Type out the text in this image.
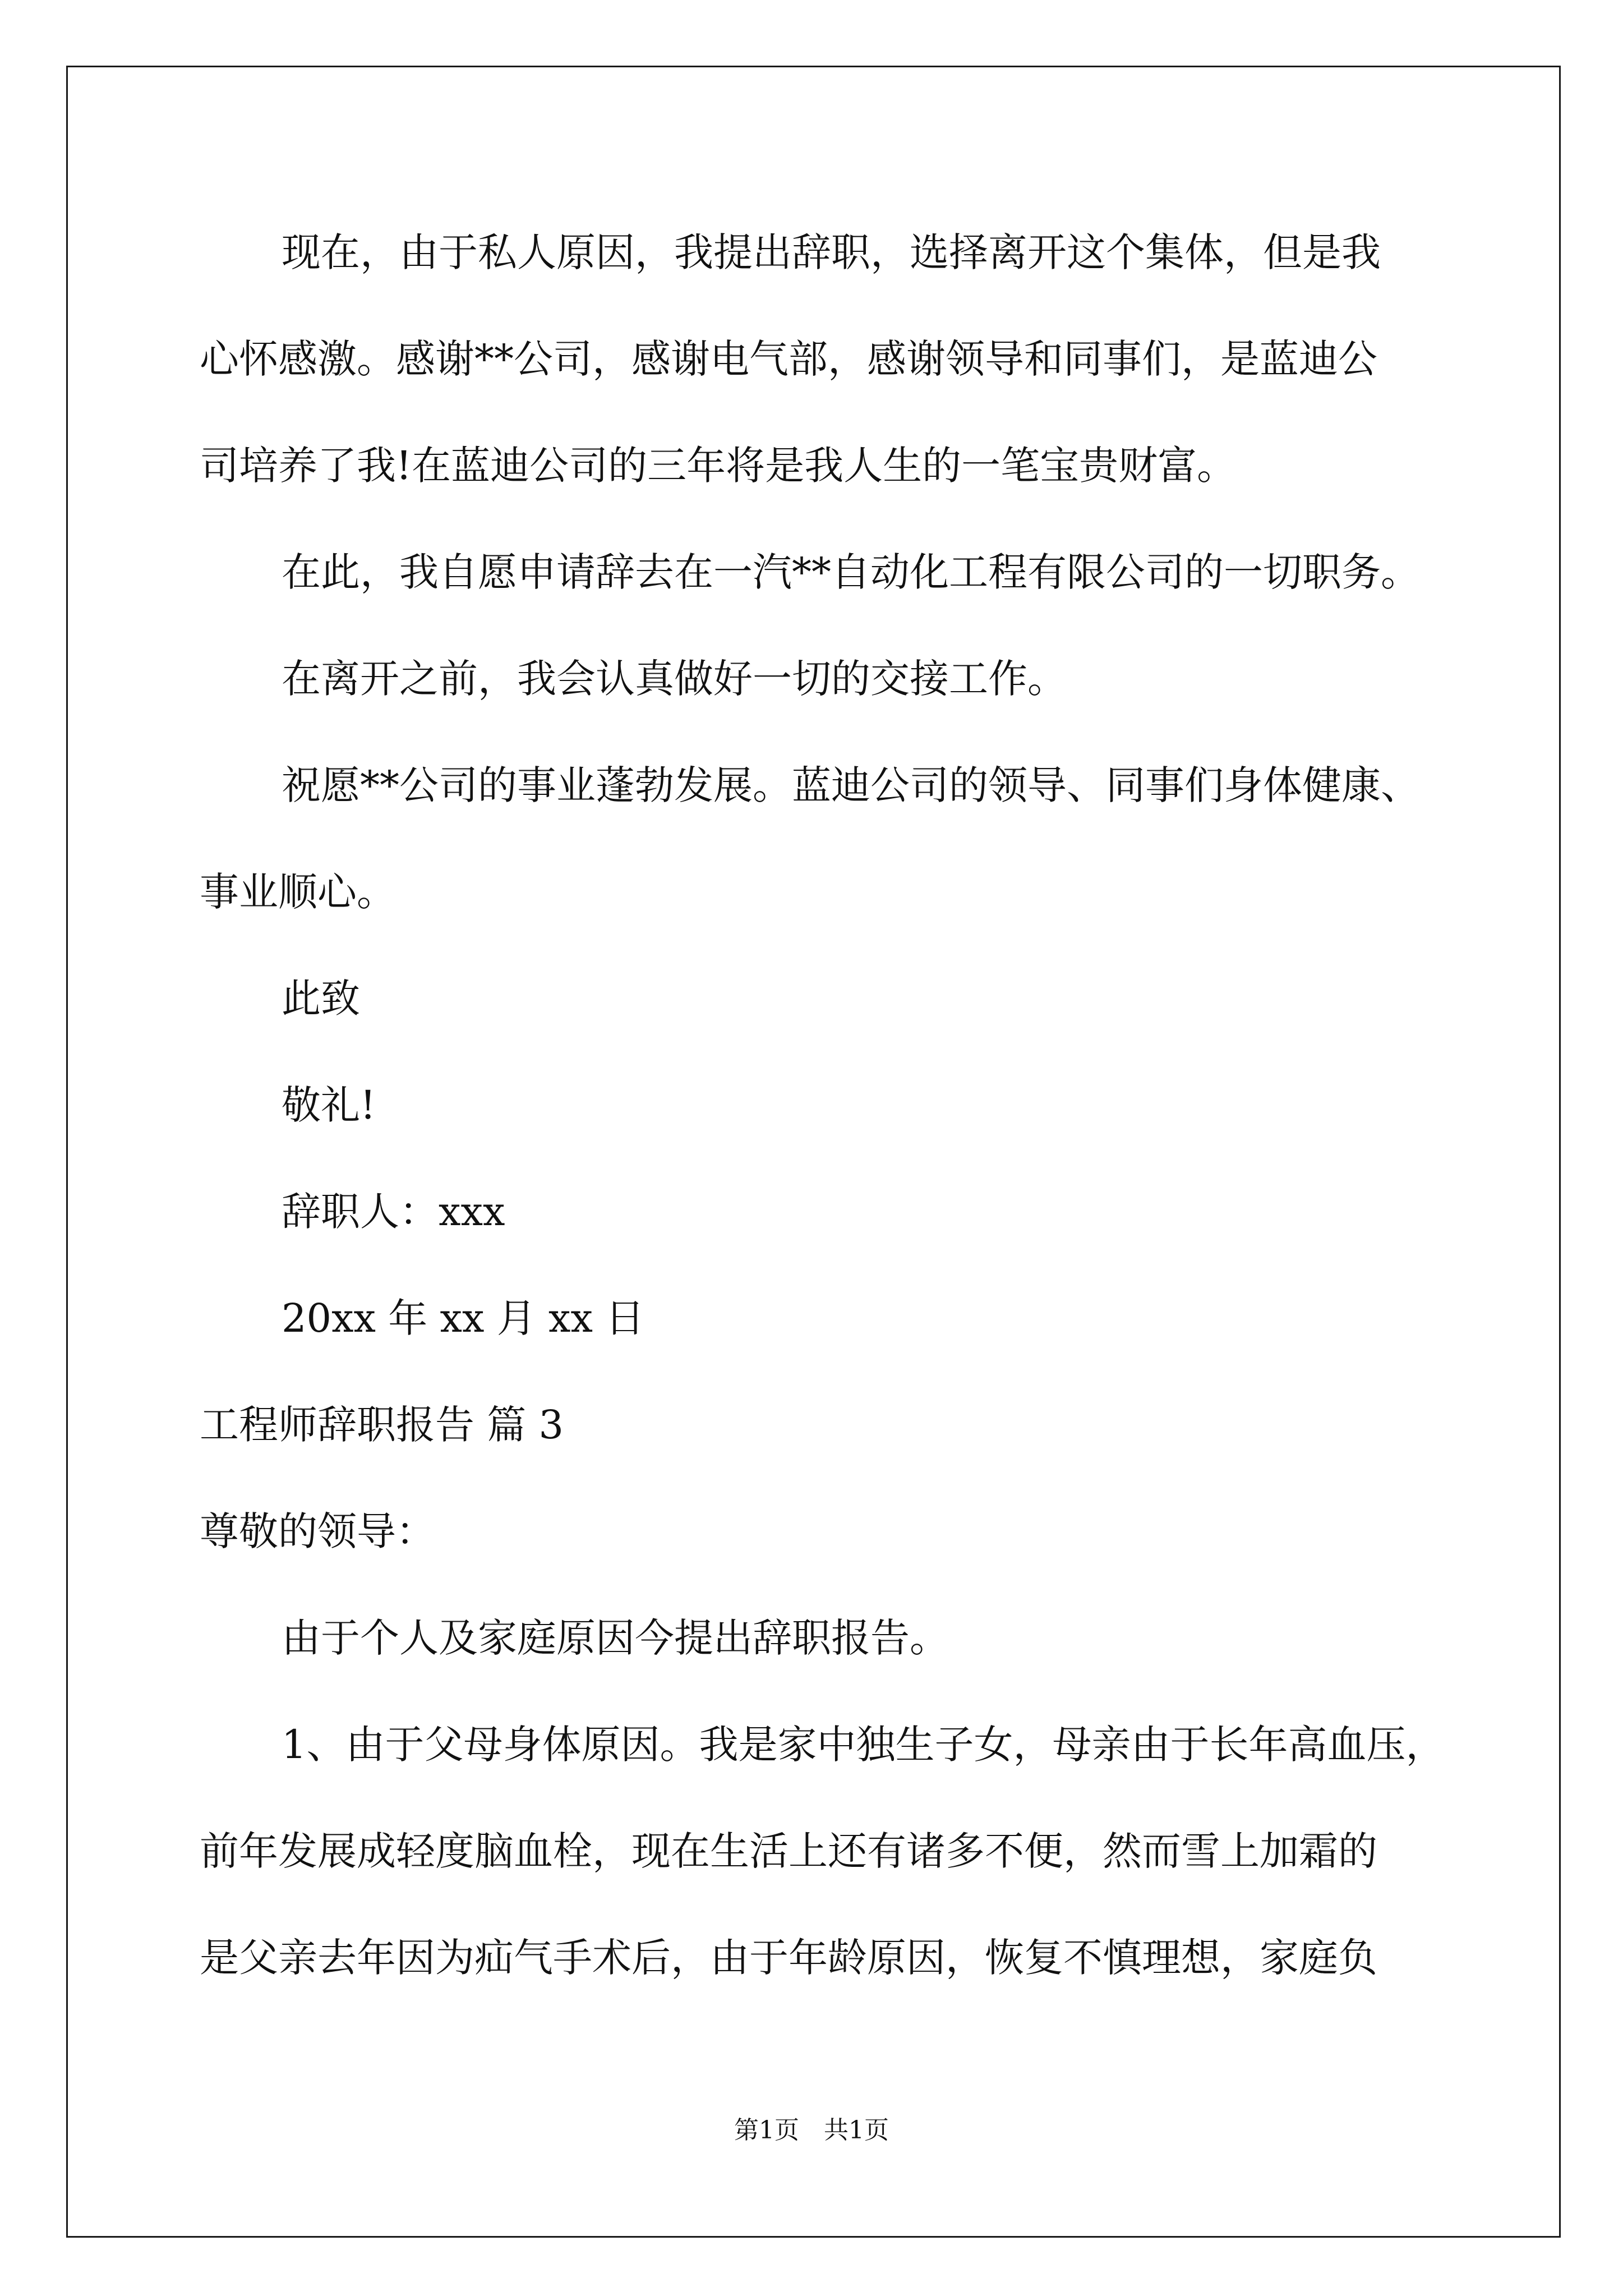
现在，由于私人原因，我提出辞职，选择离开这个集体，但是我
心怀感激。感谢**公司，感谢电气部，感谢领导和同事们，是蓝迪公
司培养了我!在蓝迪公司的三年将是我人生的一笔宝贵财富。
在此，我自愿申请辞去在一汽**自动化工程有限公司的一切职务。
在离开之前，我会认真做好一切的交接工作。
祝愿**公司的事业蓬勃发展。蓝迪公司的领导、同事们身体健康、
事业顺心。
此致
敬礼!
辞职人：xxx
20xx 年 xx 月 xx 日
工程师辞职报告 篇 3
尊敬的领导：
由于个人及家庭原因今提出辞职报告。
1、由于父母身体原因。我是家中独生子女，母亲由于长年高血压，
前年发展成轻度脑血栓，现在生活上还有诸多不便，然而雪上加霜的
是父亲去年因为疝气手术后，由于年龄原因，恢复不慎理想，家庭负
第1页　共1页
